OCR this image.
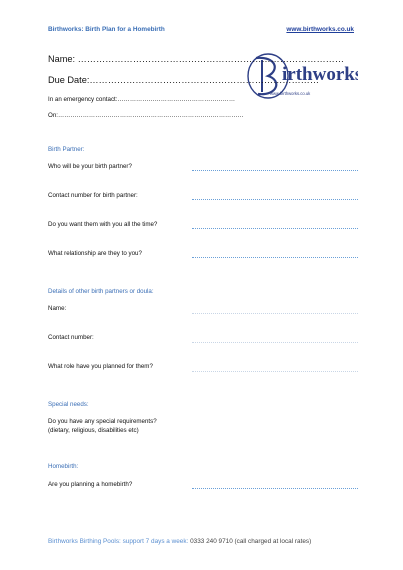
Birthworks: Birth Plan for a Homebirth	www.birthworks.co.uk
irthworks
www.birthworks.co.uk
Name: ……………………………………………………………………………
Due Date:…………………………………………………………………
In an emergency contact:…………………………………………………
On:………………………………………………………………………………
Birth Partner:
Who will be your birth partner?
Contact number for birth partner:
Do you want them with you all the time?
What relationship are they to you?
Details of other birth partners or doula:
Name:
Contact number:
What role have you planned for them?
Special needs:
Do you have any special requirements?
(dietary, religious, disabilities etc)
Homebirth:
Are you planning a homebirth?
Birthworks Birthing Pools: support 7 days a week: 0333 240 9710 (call charged at local rates)
